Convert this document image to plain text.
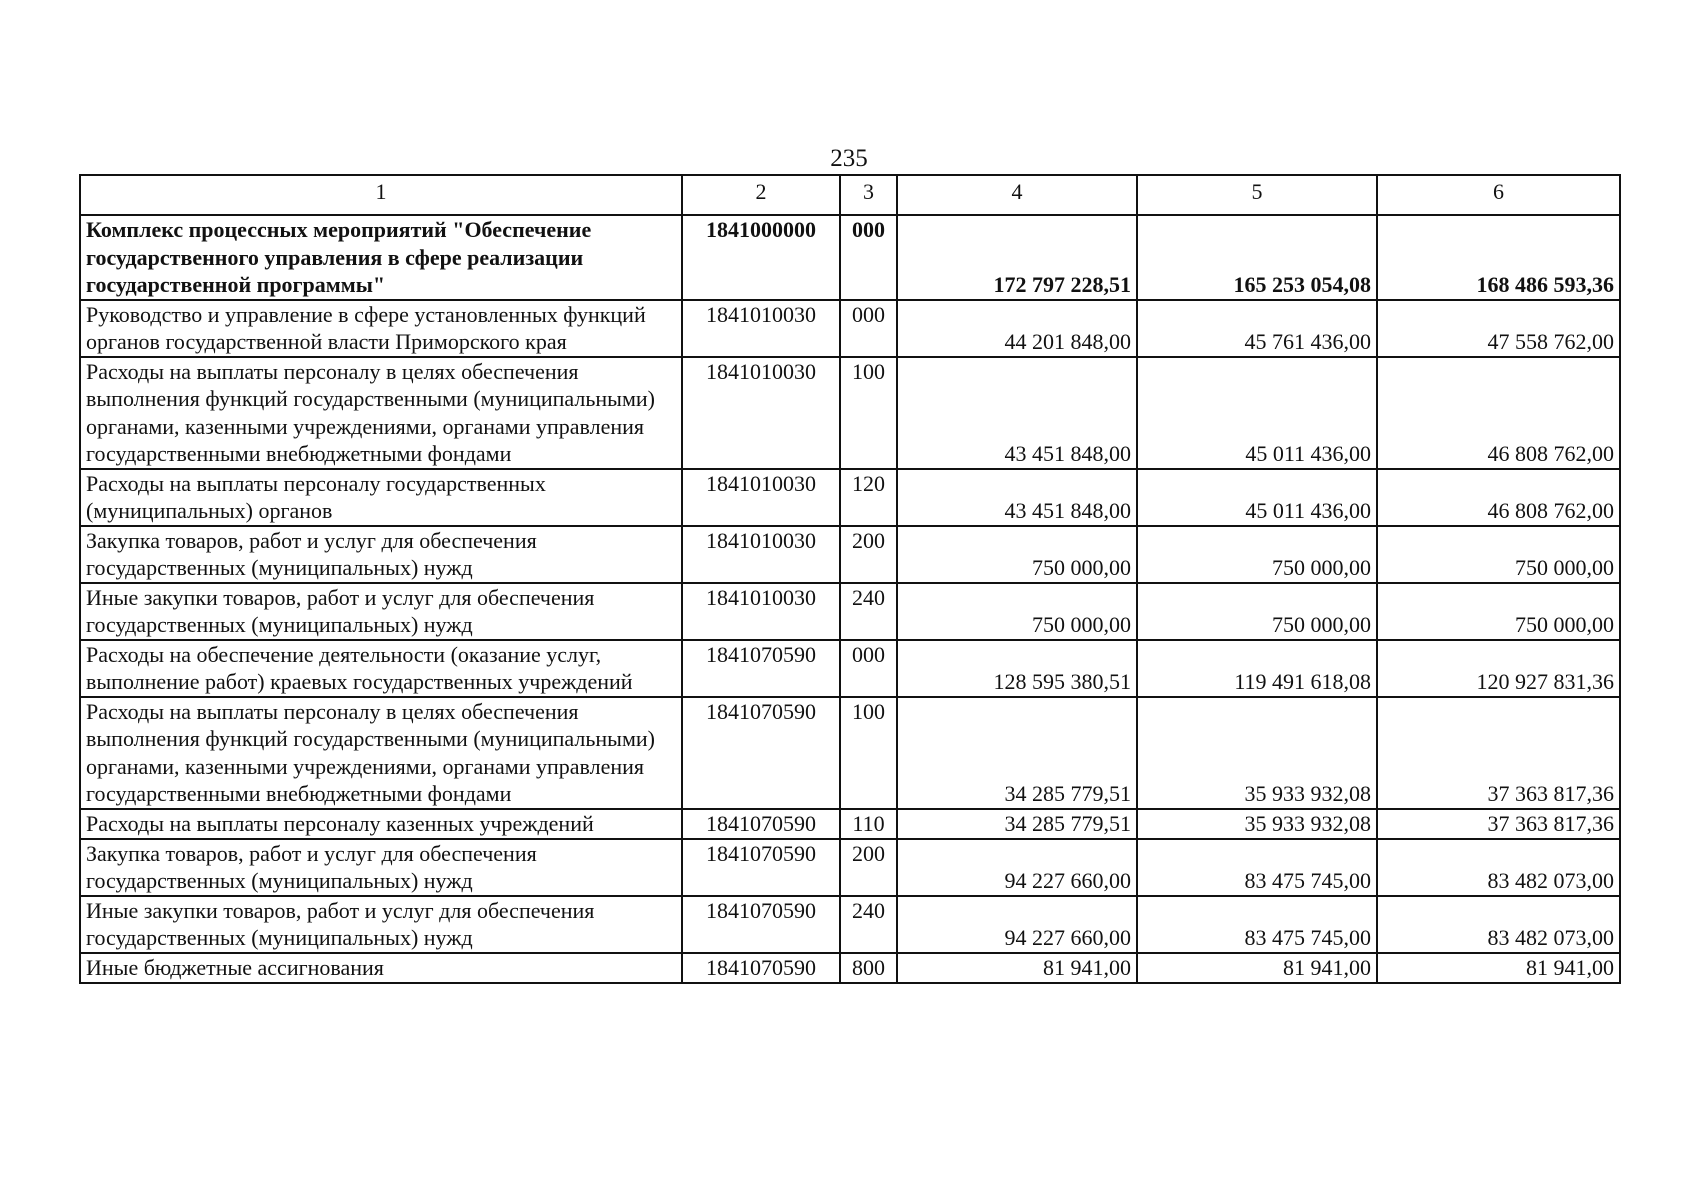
235
1	2	3	4	5	6
Комплекс процессных мероприятий "Обеспечение государственного управления в сфере реализации государственной программы"	1841000000	000	172 797 228,51	165 253 054,08	168 486 593,36
Руководство и управление в сфере установленных функций органов государственной власти Приморского края	1841010030	000	44 201 848,00	45 761 436,00	47 558 762,00
Расходы на выплаты персоналу в целях обеспечения выполнения функций государственными (муниципальными) органами, казенными учреждениями, органами управления государственными внебюджетными фондами	1841010030	100	43 451 848,00	45 011 436,00	46 808 762,00
Расходы на выплаты персоналу государственных (муниципальных) органов	1841010030	120	43 451 848,00	45 011 436,00	46 808 762,00
Закупка товаров, работ и услуг для обеспечения государственных (муниципальных) нужд	1841010030	200	750 000,00	750 000,00	750 000,00
Иные закупки товаров, работ и услуг для обеспечения государственных (муниципальных) нужд	1841010030	240	750 000,00	750 000,00	750 000,00
Расходы на обеспечение деятельности (оказание услуг, выполнение работ) краевых государственных учреждений	1841070590	000	128 595 380,51	119 491 618,08	120 927 831,36
Расходы на выплаты персоналу в целях обеспечения выполнения функций государственными (муниципальными) органами, казенными учреждениями, органами управления государственными внебюджетными фондами	1841070590	100	34 285 779,51	35 933 932,08	37 363 817,36
Расходы на выплаты персоналу казенных учреждений	1841070590	110	34 285 779,51	35 933 932,08	37 363 817,36
Закупка товаров, работ и услуг для обеспечения государственных (муниципальных) нужд	1841070590	200	94 227 660,00	83 475 745,00	83 482 073,00
Иные закупки товаров, работ и услуг для обеспечения государственных (муниципальных) нужд	1841070590	240	94 227 660,00	83 475 745,00	83 482 073,00
Иные бюджетные ассигнования	1841070590	800	81 941,00	81 941,00	81 941,00
